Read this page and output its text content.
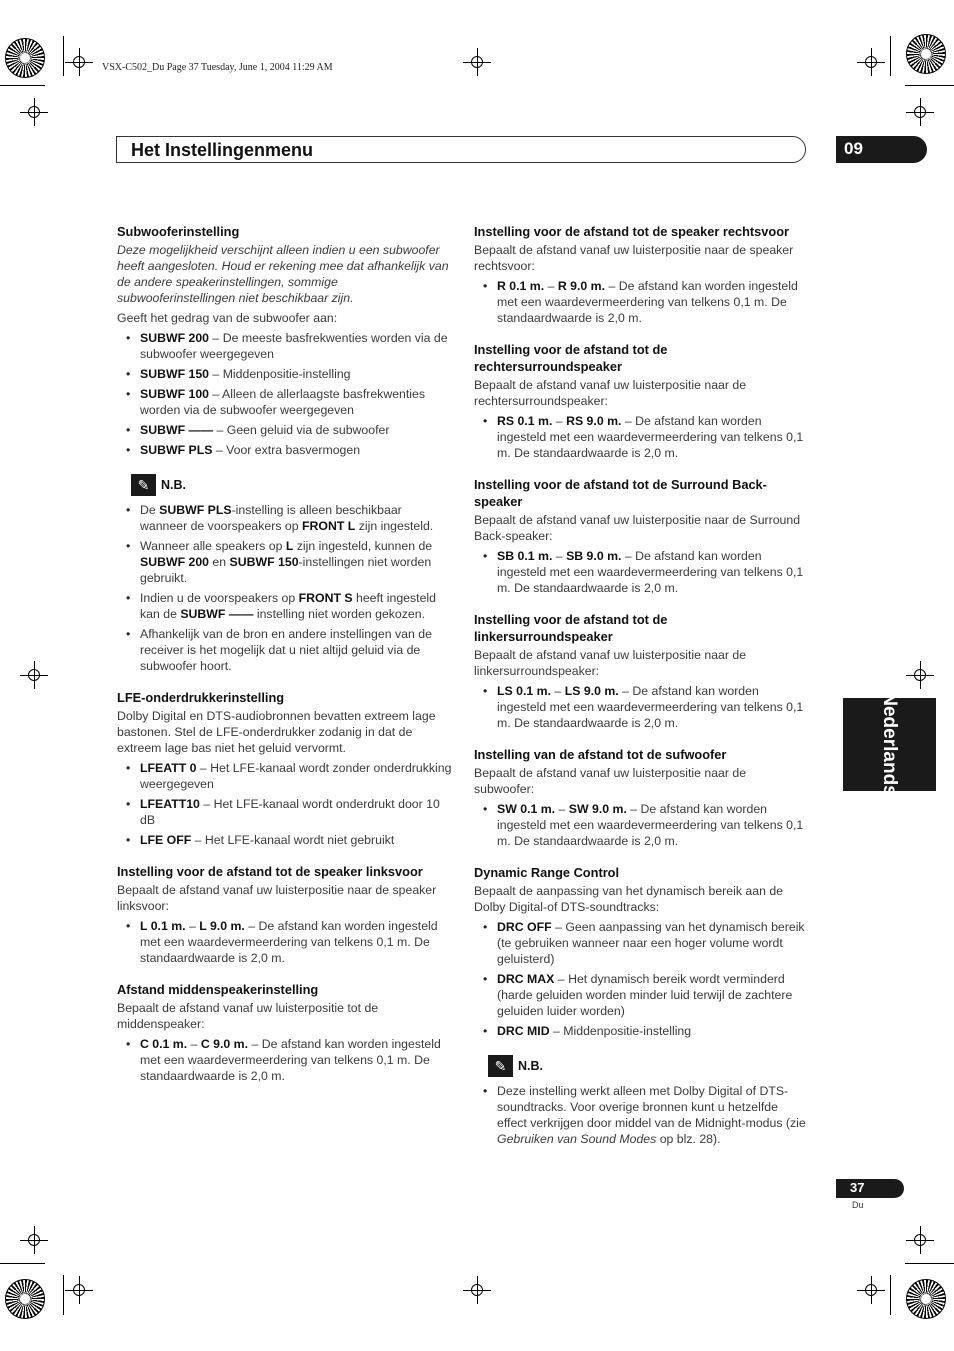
VSX-C502_Du Page 37 Tuesday, June 1, 2004 11:29 AM
Het Instellingenmenu	09
Nederlands
Subwooferinstelling

Deze mogelijkheid verschijnt alleen indien u een subwoofer heeft aangesloten. Houd er rekening mee dat afhankelijk van de andere speakerinstellingen, sommige subwooferinstellingen niet beschikbaar zijn.

Geeft het gedrag van de subwoofer aan:

• SUBWF 200 – De meeste basfrekwenties worden via de subwoofer weergegeven
• SUBWF 150 – Middenpositie-instelling
• SUBWF 100 – Alleen de allerlaagste basfrekwenties worden via de subwoofer weergegeven
• SUBWF —— – Geen geluid via de subwoofer
• SUBWF PLS – Voor extra basvermogen
✎ N.B.
• De SUBWF PLS-instelling is alleen beschikbaar wanneer de voorspeakers op FRONT L zijn ingesteld.
• Wanneer alle speakers op L zijn ingesteld, kunnen de SUBWF 200 en SUBWF 150-instellingen niet worden gebruikt.
• Indien u de voorspeakers op FRONT S heeft ingesteld kan de SUBWF —— instelling niet worden gekozen.
• Afhankelijk van de bron en andere instellingen van de receiver is het mogelijk dat u niet altijd geluid via de subwoofer hoort.
LFE-onderdrukkerinstelling

Dolby Digital en DTS-audiobronnen bevatten extreem lage bastonen. Stel de LFE-onderdrukker zodanig in dat de extreem lage bas niet het geluid vervormt.

• LFEATT 0 – Het LFE-kanaal wordt zonder onderdrukking weergegeven
• LFEATT10 – Het LFE-kanaal wordt onderdrukt door 10 dB
• LFE OFF – Het LFE-kanaal wordt niet gebruikt
Instelling voor de afstand tot de speaker linksvoor

Bepaalt de afstand vanaf uw luisterpositie naar de speaker linksvoor:

• L 0.1 m. – L 9.0 m. – De afstand kan worden ingesteld met een waardevermeerdering van telkens 0,1 m. De standaardwaarde is 2,0 m.
Afstand middenspeakerinstelling

Bepaalt de afstand vanaf uw luisterpositie tot de middenspeaker:

• C 0.1 m. – C 9.0 m. – De afstand kan worden ingesteld met een waardevermeerdering van telkens 0,1 m. De standaardwaarde is 2,0 m.
Instelling voor de afstand tot de speaker rechtsvoor

Bepaalt de afstand vanaf uw luisterpositie naar de speaker rechtsvoor:

• R 0.1 m. – R 9.0 m. – De afstand kan worden ingesteld met een waardevermeerdering van telkens 0,1 m. De standaardwaarde is 2,0 m.
Instelling voor de afstand tot de rechtersurroundspeaker

Bepaalt de afstand vanaf uw luisterpositie naar de rechtersurroundspeaker:

• RS 0.1 m. – RS 9.0 m. – De afstand kan worden ingesteld met een waardevermeerdering van telkens 0,1 m. De standaardwaarde is 2,0 m.
Instelling voor de afstand tot de Surround Back-speaker

Bepaalt de afstand vanaf uw luisterpositie naar de Surround Back-speaker:

• SB 0.1 m. – SB 9.0 m. – De afstand kan worden ingesteld met een waardevermeerdering van telkens 0,1 m. De standaardwaarde is 2,0 m.
Instelling voor de afstand tot de linkersurroundspeaker

Bepaalt de afstand vanaf uw luisterpositie naar de linkersurroundspeaker:

• LS 0.1 m. – LS 9.0 m. – De afstand kan worden ingesteld met een waardevermeerdering van telkens 0,1 m. De standaardwaarde is 2,0 m.
Instelling van de afstand tot de sufwoofer

Bepaalt de afstand vanaf uw luisterpositie naar de subwoofer:

• SW 0.1 m. – SW 9.0 m. – De afstand kan worden ingesteld met een waardevermeerdering van telkens 0,1 m. De standaardwaarde is 2,0 m.
Dynamic Range Control

Bepaalt de aanpassing van het dynamisch bereik aan de Dolby Digital-of DTS-soundtracks:

• DRC OFF – Geen aanpassing van het dynamisch bereik (te gebruiken wanneer naar een hoger volume wordt geluisterd)
• DRC MAX – Het dynamisch bereik wordt verminderd (harde geluiden worden minder luid terwijl de zachtere geluiden luider worden)
• DRC MID – Middenpositie-instelling
✎ N.B.
• Deze instelling werkt alleen met Dolby Digital of DTS-soundtracks. Voor overige bronnen kunt u hetzelfde effect verkrijgen door middel van de Midnight-modus (zie Gebruiken van Sound Modes op blz. 28).
37
Du
